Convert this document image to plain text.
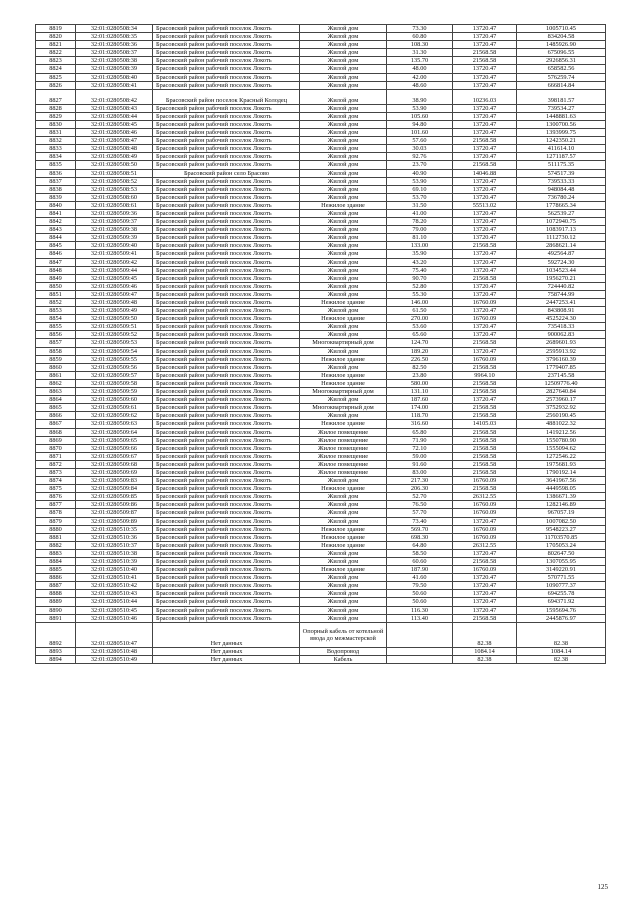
8819	32:01:0280508:34	Брасовский район рабочий поселок Локоть	Жилой дом	73.30	13720.47	1005710.45
8820	32:01:0280508:35	Брасовский район рабочий поселок Локоть	Жилой дом	60.80	13720.47	834204.58
8821	32:01:0280508:36	Брасовский район рабочий поселок Локоть	Жилой дом	108.30	13720.47	1485926.90
8822	32:01:0280508:37	Брасовский район рабочий поселок Локоть	Жилой дом	31.30	21568.58	675096.55
8823	32:01:0280508:38	Брасовский район рабочий поселок Локоть	Жилой дом	135.70	21568.58	2926856.31
8824	32:01:0280508:39	Брасовский район рабочий поселок Локоть	Жилой дом	48.00	13720.47	658582.56
8825	32:01:0280508:40	Брасовский район рабочий поселок Локоть	Жилой дом	42.00	13720.47	576259.74
8826	32:01:0280508:41	Брасовский район рабочий поселок Локоть	Жилой дом	48.60	13720.47	666814.84
8827	32:01:0280508:42	Брасовский район поселок Красный Колодец	Жилой дом	38.90	10236.03	398181.57
8828	32:01:0280508:43	Брасовский район рабочий поселок Локоть	Жилой дом	53.90	13720.47	739534.27
8829	32:01:0280508:44	Брасовский район рабочий поселок Локоть	Жилой дом	105.60	13720.47	1448881.63
8830	32:01:0280508:45	Брасовский район рабочий поселок Локоть	Жилой дом	94.80	13720.47	1300700.56
8831	32:01:0280508:46	Брасовский район рабочий поселок Локоть	Жилой дом	101.60	13720.47	1393999.75
8832	32:01:0280508:47	Брасовский район рабочий поселок Локоть	Жилой дом	57.60	21568.58	1242350.21
8833	32:01:0280508:48	Брасовский район рабочий поселок Локоть	Жилой дом	30.03	13720.47	411614.10
8834	32:01:0280508:49	Брасовский район рабочий поселок Локоть	Жилой дом	92.76	13720.47	1271187.57
8835	32:01:0280508:50	Брасовский район рабочий поселок Локоть	Жилой дом	23.70	21568.58	511175.35
8836	32:01:0280508:51	Брасовский район село Брасово	Жилой дом	40.90	14046.88	574517.39
8837	32:01:0280508:52	Брасовский район рабочий поселок Локоть	Жилой дом	53.90	13720.47	739533.33
8838	32:01:0280508:53	Брасовский район рабочий поселок Локоть	Жилой дом	69.10	13720.47	948084.48
8839	32:01:0280508:60	Брасовский район рабочий поселок Локоть	Жилой дом	53.70	13720.47	736780.24
8840	32:01:0280508:61	Брасовский район рабочий поселок Локоть	Нежилое здание	31.50	55513.02	1778665.34
8841	32:01:0280509:36	Брасовский район рабочий поселок Локоть	Жилой дом	41.00	13720.47	562539.27
8842	32:01:0280509:37	Брасовский район рабочий поселок Локоть	Жилой дом	78.20	13720.47	1072940.75
8843	32:01:0280509:38	Брасовский район рабочий поселок Локоть	Жилой дом	79.00	13720.47	1083917.13
8844	32:01:0280509:39	Брасовский район рабочий поселок Локоть	Жилой дом	81.10	13720.47	1112730.12
8845	32:01:0280509:40	Брасовский район рабочий поселок Локоть	Жилой дом	133.00	21568.58	2868621.14
8846	32:01:0280509:41	Брасовский район рабочий поселок Локоть	Жилой дом	35.90	13720.47	492564.87
8847	32:01:0280509:42	Брасовский район рабочий поселок Локоть	Жилой дом	43.20	13720.47	592724.30
8848	32:01:0280509:44	Брасовский район рабочий поселок Локоть	Жилой дом	75.40	13720.47	1034523.44
8849	32:01:0280509:45	Брасовский район рабочий поселок Локоть	Жилой дом	90.70	21568.58	1956270.21
8850	32:01:0280509:46	Брасовский район рабочий поселок Локоть	Жилой дом	52.80	13720.47	724440.82
8851	32:01:0280509:47	Брасовский район рабочий поселок Локоть	Жилой дом	55.30	13720.47	758744.99
8852	32:01:0280509:48	Брасовский район рабочий поселок Локоть	Нежилое здание	146.00	16760.09	2447253.41
8853	32:01:0280509:49	Брасовский район рабочий поселок Локоть	Жилой дом	61.50	13720.47	843808.91
8854	32:01:0280509:50	Брасовский район рабочий поселок Локоть	Нежилое здание	270.00	16760.09	4525224.30
8855	32:01:0280509:51	Брасовский район рабочий поселок Локоть	Жилой дом	53.60	13720.47	735418.33
8856	32:01:0280509:52	Брасовский район рабочий поселок Локоть	Жилой дом	65.60	13720.47	900062.83
8857	32:01:0280509:53	Брасовский район рабочий поселок Локоть	Многоквартирный дом	124.70	21568.58	2689601.93
8858	32:01:0280509:54	Брасовский район рабочий поселок Локоть	Жилой дом	189.20	13720.47	2595913.92
8859	32:01:0280509:55	Брасовский район рабочий поселок Локоть	Нежилое здание	226.50	16760.09	3796160.39
8860	32:01:0280509:56	Брасовский район рабочий поселок Локоть	Жилой дом	82.50	21568.58	1779407.85
8861	32:01:0280509:57	Брасовский район рабочий поселок Локоть	Нежилое здание	23.80	9964.10	237145.58
8862	32:01:0280509:58	Брасовский район рабочий поселок Локоть	Нежилое здание	580.00	21568.58	12509776.40
8863	32:01:0280509:59	Брасовский район рабочий поселок Локоть	Многоквартирный дом	131.10	21568.58	2827640.84
8864	32:01:0280509:60	Брасовский район рабочий поселок Локоть	Жилой дом	187.60	13720.47	2573960.17
8865	32:01:0280509:61	Брасовский район рабочий поселок Локоть	Многоквартирный дом	174.00	21568.58	3752932.92
8866	32:01:0280509:62	Брасовский район рабочий поселок Локоть	Жилой дом	118.70	21568.58	2560190.45
8867	32:01:0280509:63	Брасовский район рабочий поселок Локоть	Нежилое здание	316.60	14105.03	4881022.32
8868	32:01:0280509:64	Брасовский район рабочий поселок Локоть	Жилое помещение	65.80	21568.58	1419212.56
8869	32:01:0280509:65	Брасовский район рабочий поселок Локоть	Жилое помещение	71.90	21568.58	1550780.90
8870	32:01:0280509:66	Брасовский район рабочий поселок Локоть	Жилое помещение	72.10	21568.58	1555094.62
8871	32:01:0280509:67	Брасовский район рабочий поселок Локоть	Жилое помещение	59.00	21568.58	1272546.22
8872	32:01:0280509:68	Брасовский район рабочий поселок Локоть	Жилое помещение	91.60	21568.58	1975681.93
8873	32:01:0280509:69	Брасовский район рабочий поселок Локоть	Жилое помещение	83.00	21568.58	1790192.14
8874	32:01:0280509:83	Брасовский район рабочий поселок Локоть	Жилой дом	217.30	16760.09	3641967.56
8875	32:01:0280509:84	Брасовский район рабочий поселок Локоть	Нежилое здание	206.30	21568.58	4449598.05
8876	32:01:0280509:85	Брасовский район рабочий поселок Локоть	Жилой дом	52.70	26312.55	1386671.39
8877	32:01:0280509:86	Брасовский район рабочий поселок Локоть	Жилой дом	76.50	16760.09	1282146.89
8878	32:01:0280509:87	Брасовский район рабочий поселок Локоть	Жилой дом	57.70	16760.09	967057.19
8879	32:01:0280509:89	Брасовский район рабочий поселок Локоть	Жилой дом	73.40	13720.47	1007082.50
8880	32:01:0280510:35	Брасовский район рабочий поселок Локоть	Нежилое здание	569.70	16760.09	9548223.27
8881	32:01:0280510:36	Брасовский район рабочий поселок Локоть	Нежилое здание	698.30	16760.09	11703570.85
8882	32:01:0280510:37	Брасовский район рабочий поселок Локоть	Нежилое здание	64.80	26312.55	1705053.24
8883	32:01:0280510:38	Брасовский район рабочий поселок Локоть	Жилой дом	58.50	13720.47	802647.50
8884	32:01:0280510:39	Брасовский район рабочий поселок Локоть	Жилой дом	60.60	21568.58	1307055.95
8885	32:01:0280510:40	Брасовский район рабочий поселок Локоть	Нежилое здание	187.90	16760.09	3149220.91
8886	32:01:0280510:41	Брасовский район рабочий поселок Локоть	Жилой дом	41.60	13720.47	570771.55
8887	32:01:0280510:42	Брасовский район рабочий поселок Локоть	Жилой дом	79.50	13720.47	1090777.37
8888	32:01:0280510:43	Брасовский район рабочий поселок Локоть	Жилой дом	50.60	13720.47	694255.78
8889	32:01:0280510:44	Брасовский район рабочий поселок Локоть	Жилой дом	50.60	13720.47	694371.92
8890	32:01:0280510:45	Брасовский район рабочий поселок Локоть	Жилой дом	116.30	13720.47	1595694.76
8891	32:01:0280510:46	Брасовский район рабочий поселок Локоть	Жилой дом	113.40	21568.58	2445876.97
8892	32:01:0280510:47	Нет данных	Опорный кабель от котельной ввода до межмастерской		82.38	82.38
8893	32:01:0280510:48	Нет данных	Водопровод		1084.14	1084.14
8894	32:01:0280510:49	Нет данных	Кабель		82.38	82.38
125
